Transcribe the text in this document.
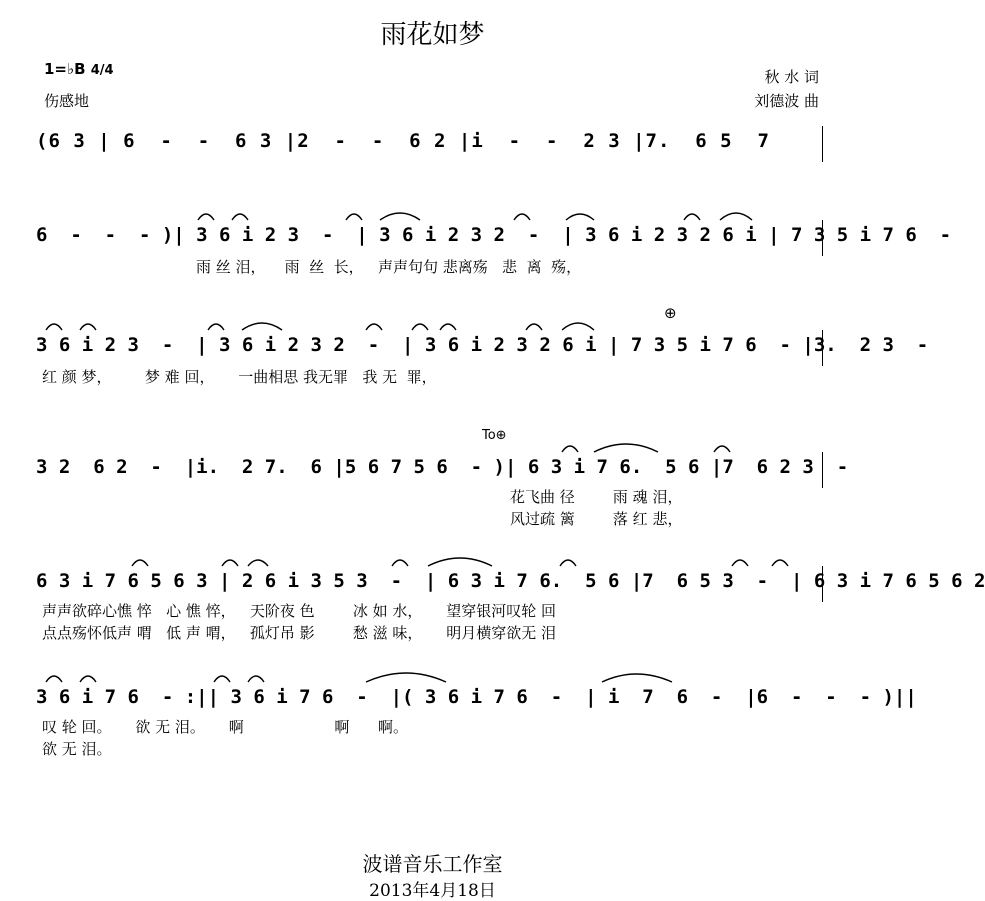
雨花如梦
1=♭B 4/4
伤感地
秋 水 词
刘德波 曲
(6 3 | 6  -  -  6 3 |2  -  -  6 2 |i  -  -  2 3 |7.  6 5  7
6  -  -  - )| 3 6 i 2 3  -  | 3 6 i 2 3 2  -  | 3 6 i 2 3 2 6 i | 7 3 5 i 7 6  -
雨 丝 泪，    雨  丝  长，   声声句句 悲离殇   悲  离  殇，
3 6 i 2 3  -  | 3 6 i 2 3 2  -  | 3 6 i 2 3 2 6 i | 7 3 5 i 7 6  - |3.  2 3  -
⊕
红 颜 梦，       梦 难 回，     一曲相思 我无罪   我 无  罪，
To⊕
3 2  6 2  -  |i.  2 7.  6 |5 6 7 5 6  - )| 6 3 i 7 6.  5 6 |7  6 2 3  -
花飞曲 径        雨 魂 泪，
风过疏 篱        落 红 悲，
6 3 i 7 6 5 6 3 | 2 6 i 3 5 3  -  | 6 3 i 7 6.  5 6 |7  6 5 3  -  | 6 3 i 7 6 5 6 2
声声欲碎心憔 悴   心 憔 悴，   天阶夜 色        冰 如 水，     望穿银河叹轮 回
点点殇怀低声 喟   低 声 喟，   孤灯吊 影        愁 滋 味，     明月横穿欲无 泪
3 6 i 7 6  - :|| 3 6 i 7 6  -  |( 3 6 i 7 6  -  | i  7  6  -  |6  -  -  - )||
叹 轮 回。     欲 无 泪。     啊                   啊      啊。
欲 无 泪。
波谱音乐工作室
2013年4月18日
